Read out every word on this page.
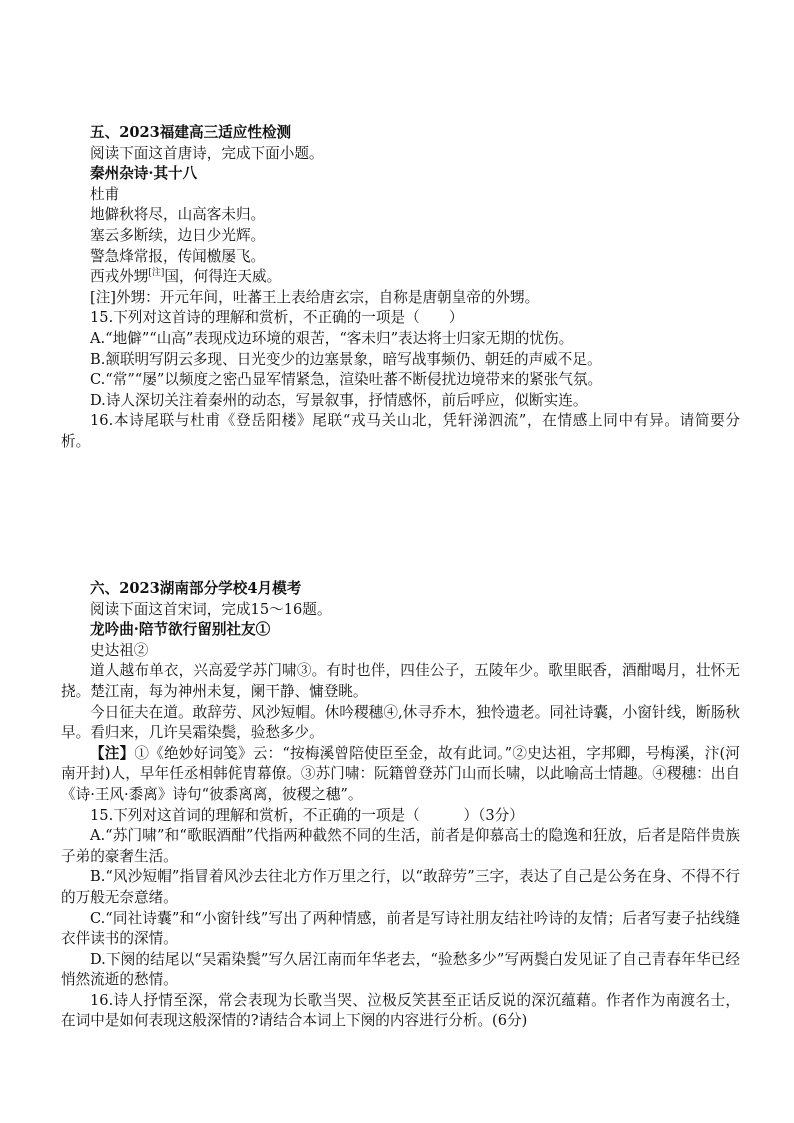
五、2023福建高三适应性检测

阅读下面这首唐诗，完成下面小题。

秦州杂诗·其十八

杜甫

地僻秋将尽，山高客未归。

塞云多断续，边日少光辉。

警急烽常报，传闻檄屡飞。

西戎外甥[注]国，何得迕天威。

[注]外甥：开元年间，吐蕃王上表给唐玄宗，自称是唐朝皇帝的外甥。

15.下列对这首诗的理解和赏析，不正确的一项是（　　）

A.“地僻”“山高”表现戍边环境的艰苦，“客未归”表达将士归家无期的忧伤。

B.颔联明写阴云多现、日光变少的边塞景象，暗写战事频仍、朝廷的声威不足。

C.“常”“屡”以频度之密凸显军情紧急，渲染吐蕃不断侵扰边境带来的紧张气氛。

D.诗人深切关注着秦州的动态，写景叙事，抒情感怀，前后呼应，似断实连。

16.本诗尾联与杜甫《登岳阳楼》尾联“戎马关山北，凭轩涕泗流”，在情感上同中有异。请简要分析。

六、2023湖南部分学校4月模考

阅读下面这首宋词，完成15～16题。

龙吟曲·陪节欲行留别社友①

史达祖②

道人越布单衣，兴高爱学苏门啸③。有时也伴，四佳公子，五陵年少。歌里眠香，酒酣喝月，壮怀无挠。楚江南，每为神州未复，阑干静、慵登眺。

今日征夫在道。敢辞劳、风沙短帽。休吟稷穗④,休寻乔木，独怜遗老。同社诗囊，小窗针线，断肠秋早。看归来，几许吴霜染鬓，验愁多少。

【注】①《绝妙好词笺》云：“按梅溪曾陪使臣至金，故有此词。”②史达祖，字邦卿，号梅溪，汴(河南开封)人，早年任丞相韩侂胄幕僚。③苏门啸：阮籍曾登苏门山而长啸，以此喻高士情趣。④稷穗：出自《诗·王风·黍离》诗句“彼黍离离，彼稷之穗”。

15.下列对这首词的理解和赏析，不正确的一项是（　　　）（3分）

A.“苏门啸”和“歌眠酒酣”代指两种截然不同的生活，前者是仰慕高士的隐逸和狂放，后者是陪伴贵族子弟的豪奢生活。

B.“风沙短帽”指冒着风沙去往北方作万里之行，以“敢辞劳”三字，表达了自己是公务在身、不得不行的万般无奈意绪。

C.“同社诗囊”和“小窗针线”写出了两种情感，前者是写诗社朋友结社吟诗的友情；后者写妻子拈线缝衣伴读书的深情。

D.下阕的结尾以“吴霜染鬓”写久居江南而年华老去，“验愁多少”写两鬓白发见证了自己青春年华已经悄然流逝的愁情。

16.诗人抒情至深，常会表现为长歌当哭、泣极反笑甚至正话反说的深沉蕴藉。作者作为南渡名士，在词中是如何表现这般深情的?请结合本词上下阕的内容进行分析。(6分)
